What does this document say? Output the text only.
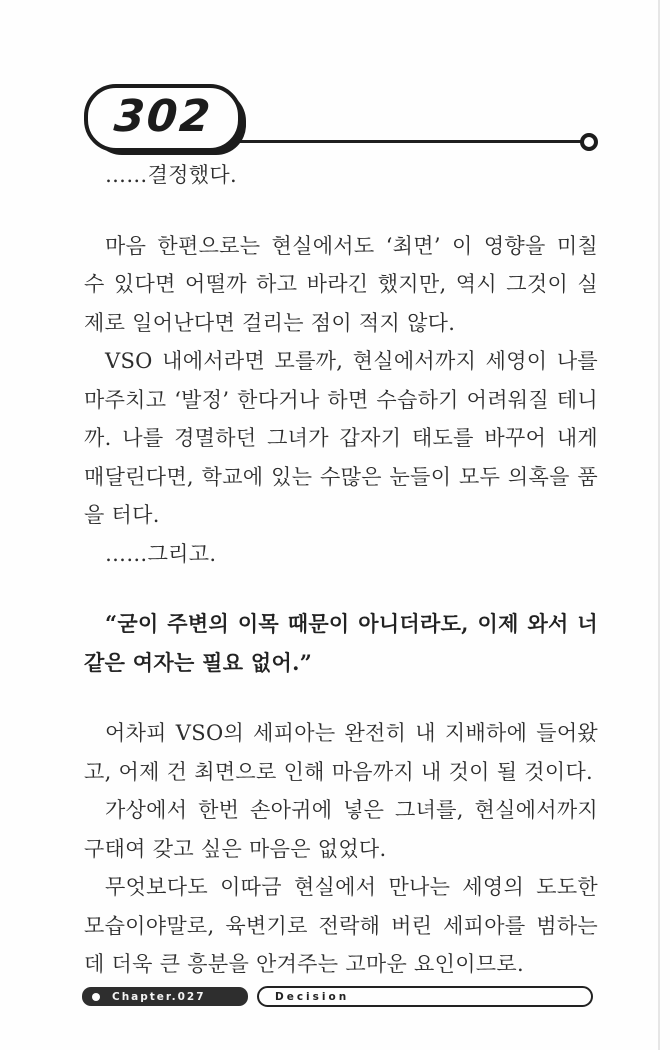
302

……결정했다.

마음 한편으로는 현실에서도 ‘최면’ 이 영향을 미칠 수 있다면 어떨까 하고 바라긴 했지만, 역시 그것이 실제로 일어난다면 걸리는 점이 적지 않다.

VSO 내에서라면 모를까, 현실에서까지 세영이 나를 마주치고 ‘발정’ 한다거나 하면 수습하기 어려워질 테니까. 나를 경멸하던 그녀가 갑자기 태도를 바꾸어 내게 매달린다면, 학교에 있는 수많은 눈들이 모두 의혹을 품을 터다.

……그리고.

“굳이 주변의 이목 때문이 아니더라도, 이제 와서 너 같은 여자는 필요 없어.”

어차피 VSO의 세피아는 완전히 내 지배하에 들어왔고, 어제 건 최면으로 인해 마음까지 내 것이 될 것이다.

가상에서 한번 손아귀에 넣은 그녀를, 현실에서까지 구태여 갖고 싶은 마음은 없었다.

무엇보다도 이따금 현실에서 만나는 세영의 도도한 모습이야말로, 육변기로 전락해 버린 세피아를 범하는 데 더욱 큰 흥분을 안겨주는 고마운 요인이므로.

Chapter.027	Decision
